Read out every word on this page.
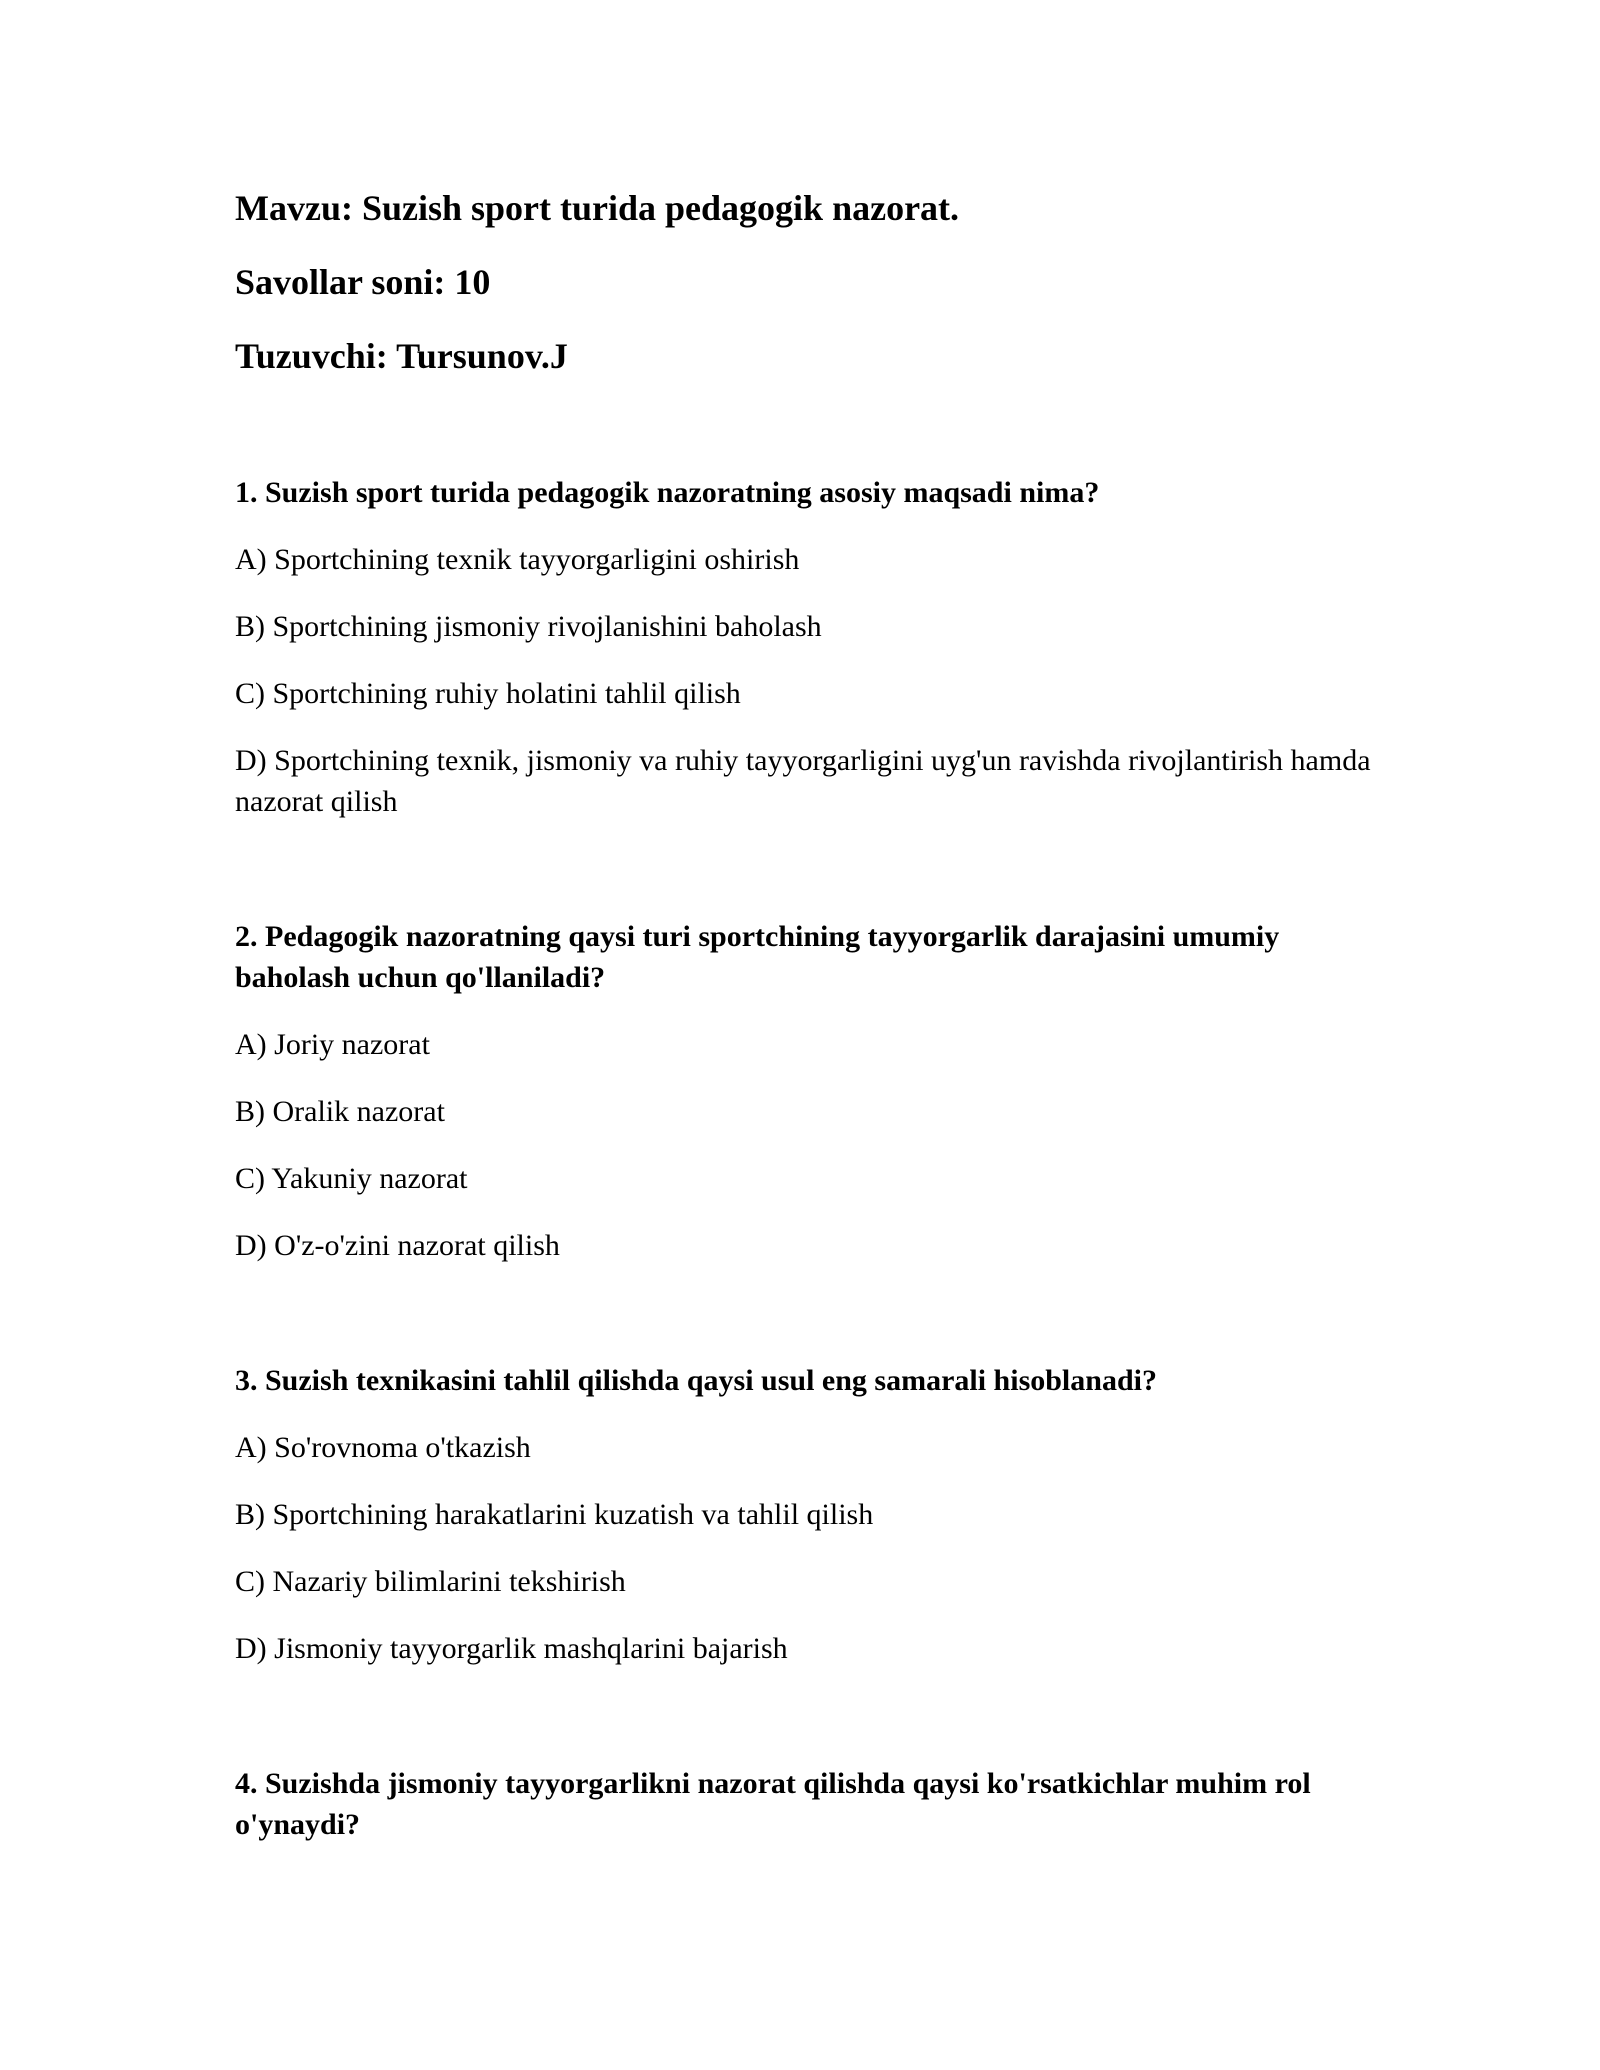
Mavzu: Suzish sport turida pedagogik nazorat.

Savollar soni: 10

Tuzuvchi: Tursunov.J

1. Suzish sport turida pedagogik nazoratning asosiy maqsadi nima?

A) Sportchining texnik tayyorgarligini oshirish

B) Sportchining jismoniy rivojlanishini baholash

C) Sportchining ruhiy holatini tahlil qilish

D) Sportchining texnik, jismoniy va ruhiy tayyorgarligini uyg'un ravishda rivojlantirish hamda nazorat qilish

2. Pedagogik nazoratning qaysi turi sportchining tayyorgarlik darajasini umumiy baholash uchun qo'llaniladi?

A) Joriy nazorat

B) Oralik nazorat

C) Yakuniy nazorat

D) O'z-o'zini nazorat qilish

3. Suzish texnikasini tahlil qilishda qaysi usul eng samarali hisoblanadi?

A) So'rovnoma o'tkazish

B) Sportchining harakatlarini kuzatish va tahlil qilish

C) Nazariy bilimlarini tekshirish

D) Jismoniy tayyorgarlik mashqlarini bajarish

4. Suzishda jismoniy tayyorgarlikni nazorat qilishda qaysi ko'rsatkichlar muhim rol o'ynaydi?
